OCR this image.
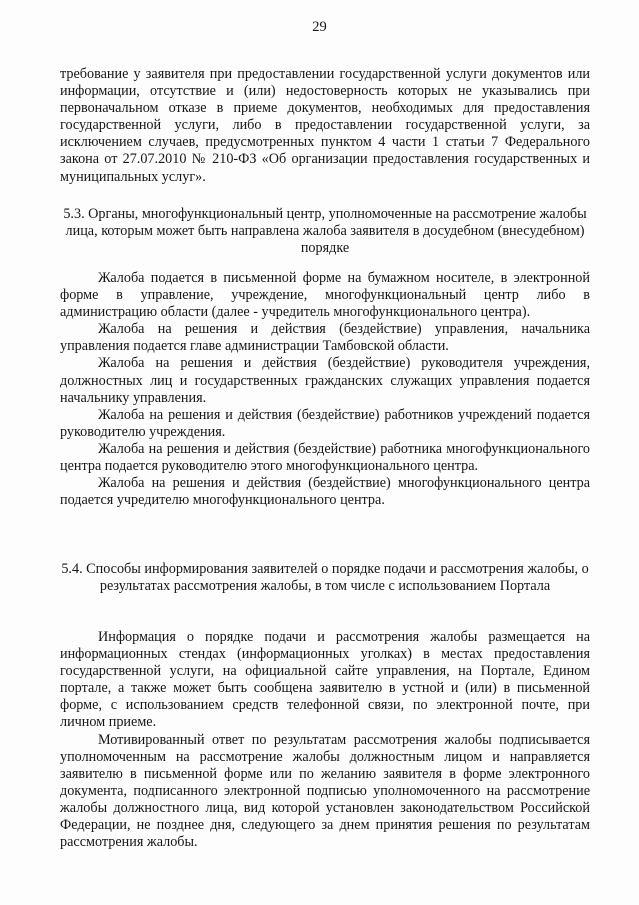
29

требование у заявителя при предоставлении государственной услуги документов или информации, отсутствие и (или) недостоверность которых не указывались при первоначальном отказе в приеме документов, необходимых для предоставления государственной услуги, либо в предоставлении государственной услуги, за исключением случаев, предусмотренных пунктом 4 части 1 статьи 7 Федерального закона от 27.07.2010 № 210-ФЗ «Об организации предоставления государственных и муниципальных услуг».

5.3. Органы, многофункциональный центр, уполномоченные на рассмотрение жалобы лица, которым может быть направлена жалоба заявителя в досудебном (внесудебном) порядке

Жалоба подается в письменной форме на бумажном носителе, в электронной форме в управление, учреждение, многофункциональный центр либо в администрацию области (далее - учредитель многофункционального центра).

Жалоба на решения и действия (бездействие) управления, начальника управления подается главе администрации Тамбовской области.

Жалоба на решения и действия (бездействие) руководителя учреждения, должностных лиц и государственных гражданских служащих управления подается начальнику управления.

Жалоба на решения и действия (бездействие) работников учреждений подается руководителю учреждения.

Жалоба на решения и действия (бездействие) работника многофункционального центра подается руководителю этого многофункционального центра.

Жалоба на решения и действия (бездействие) многофункционального центра подается учредителю многофункционального центра.

5.4. Способы информирования заявителей о порядке подачи и рассмотрения жалобы, о результатах рассмотрения жалобы, в том числе с использованием Портала

Информация о порядке подачи и рассмотрения жалобы размещается на информационных стендах (информационных уголках) в местах предоставления государственной услуги, на официальной сайте управления, на Портале, Едином портале, а также может быть сообщена заявителю в устной и (или) в письменной форме, с использованием средств телефонной связи, по электронной почте, при личном приеме.

Мотивированный ответ по результатам рассмотрения жалобы подписывается уполномоченным на рассмотрение жалобы должностным лицом и направляется заявителю в письменной форме или по желанию заявителя в форме электронного документа, подписанного электронной подписью уполномоченного на рассмотрение жалобы должностного лица, вид которой установлен законодательством Российской Федерации, не позднее дня, следующего за днем принятия решения по результатам рассмотрения жалобы.
